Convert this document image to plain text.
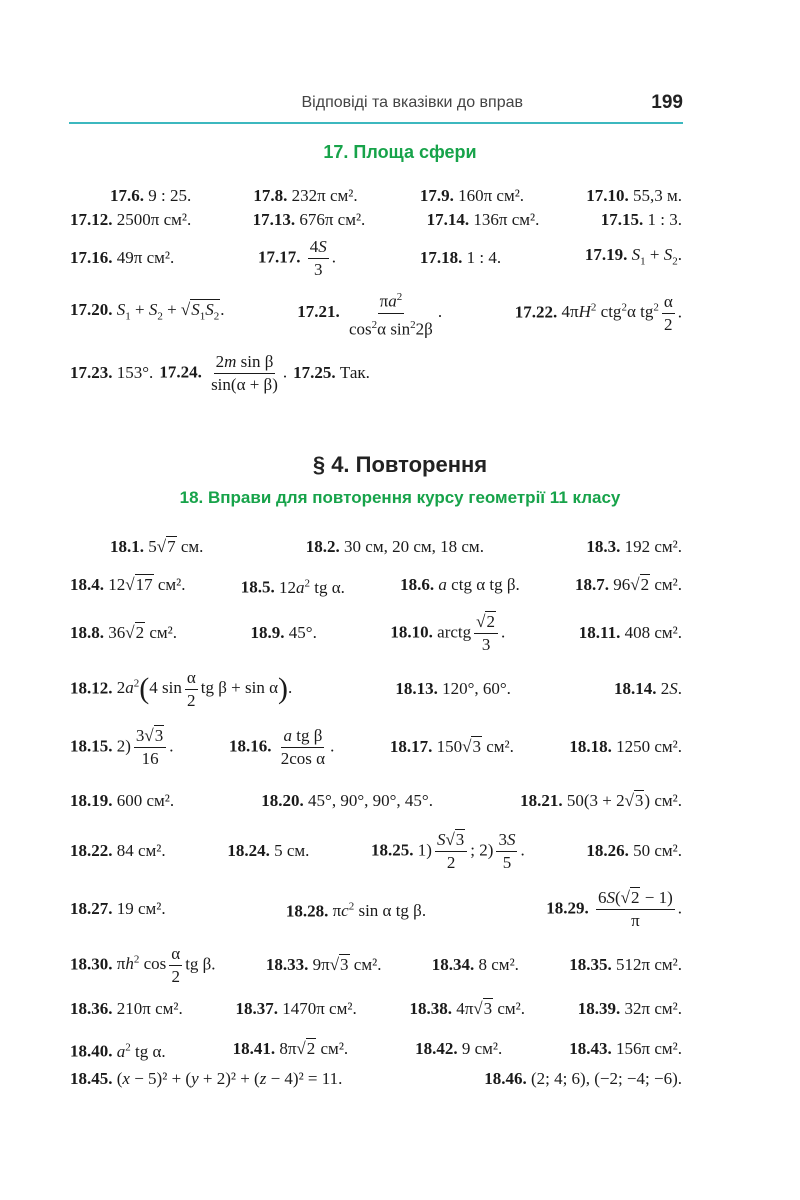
Відповіді та вказівки до вправ	199
17. Площа сфери
17.6. 9 : 25.	17.8. 232π см².	17.9. 160π см².	17.10. 55,3 м.
17.12. 2500π см².	17.13. 676π см².	17.14. 136π см².	17.15. 1 : 3.
17.16. 49π см².	17.17. $\frac{4S}{3}$ .	17.18. 1 : 4.	17.19. $S_1 + S_2$.
17.20. $S_1 + S_2 + √S_1S_2$.	17.21. $\frac{\pi a^2}{\cos^2\alpha \sin^22\beta}$ .	17.22. $4\pi H^2$ ctg$^2$α $tg^2 \frac{\alpha}{2}$ .
17.23. 153°. 17.24. $\frac{\text{2m sin β}}{\sin(\alpha + \beta)}$ . 17.25. Так.
§ 4. Повторення
18. Вправи для повторення курсу геометрії 11 класу
18.1. 5√7 см.	18.2. 30 см, 20 см, 18 см.	18.3. 192 см².
18.4. 12√17 см².	18.5. $12a^2$ tg α.	18.6. a ctg α tg β.	18.7. 96√2 см².
18.8. 36√2 см².	18.9. 45°.	18.10. arctg $\frac{√2}{3}$ .	18.11. 408 см².
18.12. $2a^2(4$ $\sin \frac{\alpha}{2}$ tg β + sin α).	18.13. 120°, 60°.	18.14. 2S.
18.15. $2) \frac{3√3}{16}$ .	18.16. $\frac{\text{a tg β}}{\text{2cos α}}$ .	18.17. 150√3 см².	18.18. 1250 см².
18.19. 600 см².	18.20. 45°, 90°, 90°, 45°.	18.21. 50(3 + 2√3) см².
18.22. 84 см².	18.24. 5 см.	18.25. $1) \frac{S√3}{2}$ ; $2) \frac{3S}{5}$ .	18.26. 50 см².
18.27. 19 см².	18.28. $\pi c^2$ sin α tg β.	18.29. $\frac{6S(√2 - 1)}{\pi}$ .
18.30. $\pi h^2$ $\cos \frac{\alpha}{2}$ tg β.	18.33. 9π√3 см².	18.34. 8 см².	18.35. 512π см².
18.36. 210π см².	18.37. 1470π см².	18.38. 4π√3 см².	18.39. 32π см².
18.40. $a^2$ tg α.	18.41. 8π√2 см².	18.42. 9 см².	18.43. 156π см².
18.45. (x − 5)² + (y + 2)² + (z − 4)² = 11.	18.46. (2; 4; 6), (−2; −4; −6).
